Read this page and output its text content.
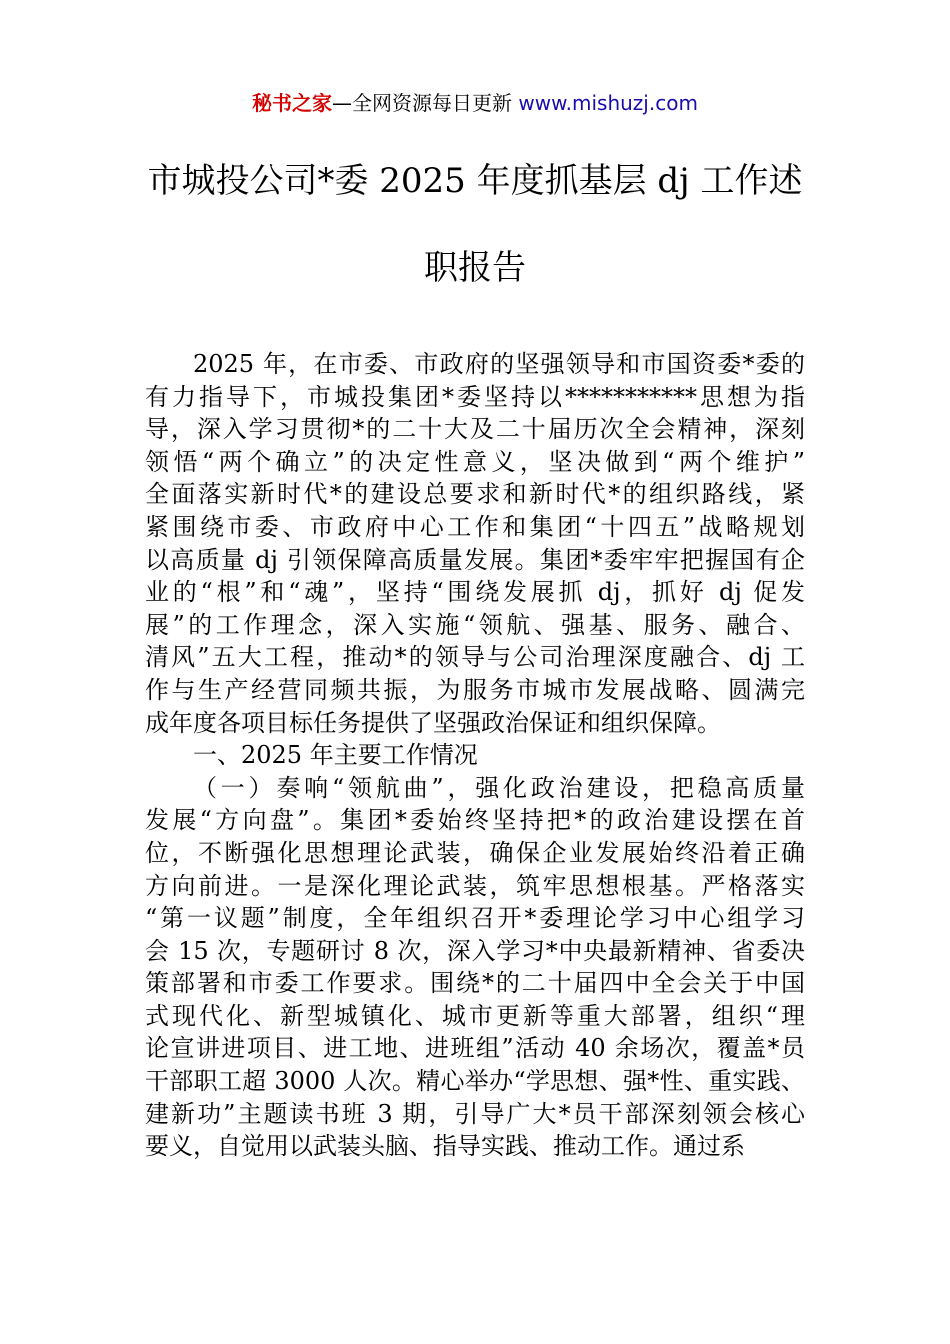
秘书之家—全网资源每日更新 www.mishuzj.com
市城投公司*委 2025 年度抓基层 dj 工作述
职报告
2025 年，在市委、市政府的坚强领导和市国资委*委的
有力指导下，市城投集团*委坚持以***********思想为指
导，深入学习贯彻*的二十大及二十届历次全会精神，深刻
领悟“两个确立”的决定性意义，坚决做到“两个维护”
全面落实新时代*的建设总要求和新时代*的组织路线，紧
紧围绕市委、市政府中心工作和集团“十四五”战略规划
以高质量 dj 引领保障高质量发展。集团*委牢牢把握国有企
业的“根”和“魂”，坚持“围绕发展抓 dj，抓好 dj 促发
展”的工作理念，深入实施“领航、强基、服务、融合、
清风”五大工程，推动*的领导与公司治理深度融合、dj 工
作与生产经营同频共振，为服务市城市发展战略、圆满完
成年度各项目标任务提供了坚强政治保证和组织保障。
一、2025 年主要工作情况
（一）奏响“领航曲”，强化政治建设，把稳高质量
发展“方向盘”。集团*委始终坚持把*的政治建设摆在首
位，不断强化思想理论武装，确保企业发展始终沿着正确
方向前进。一是深化理论武装，筑牢思想根基。严格落实
“第一议题”制度，全年组织召开*委理论学习中心组学习
会 15 次，专题研讨 8 次，深入学习*中央最新精神、省委决
策部署和市委工作要求。围绕*的二十届四中全会关于中国
式现代化、新型城镇化、城市更新等重大部署，组织“理
论宣讲进项目、进工地、进班组”活动 40 余场次，覆盖*员
干部职工超 3000 人次。精心举办“学思想、强*性、重实践、
建新功”主题读书班 3 期，引导广大*员干部深刻领会核心
要义，自觉用以武装头脑、指导实践、推动工作。通过系
